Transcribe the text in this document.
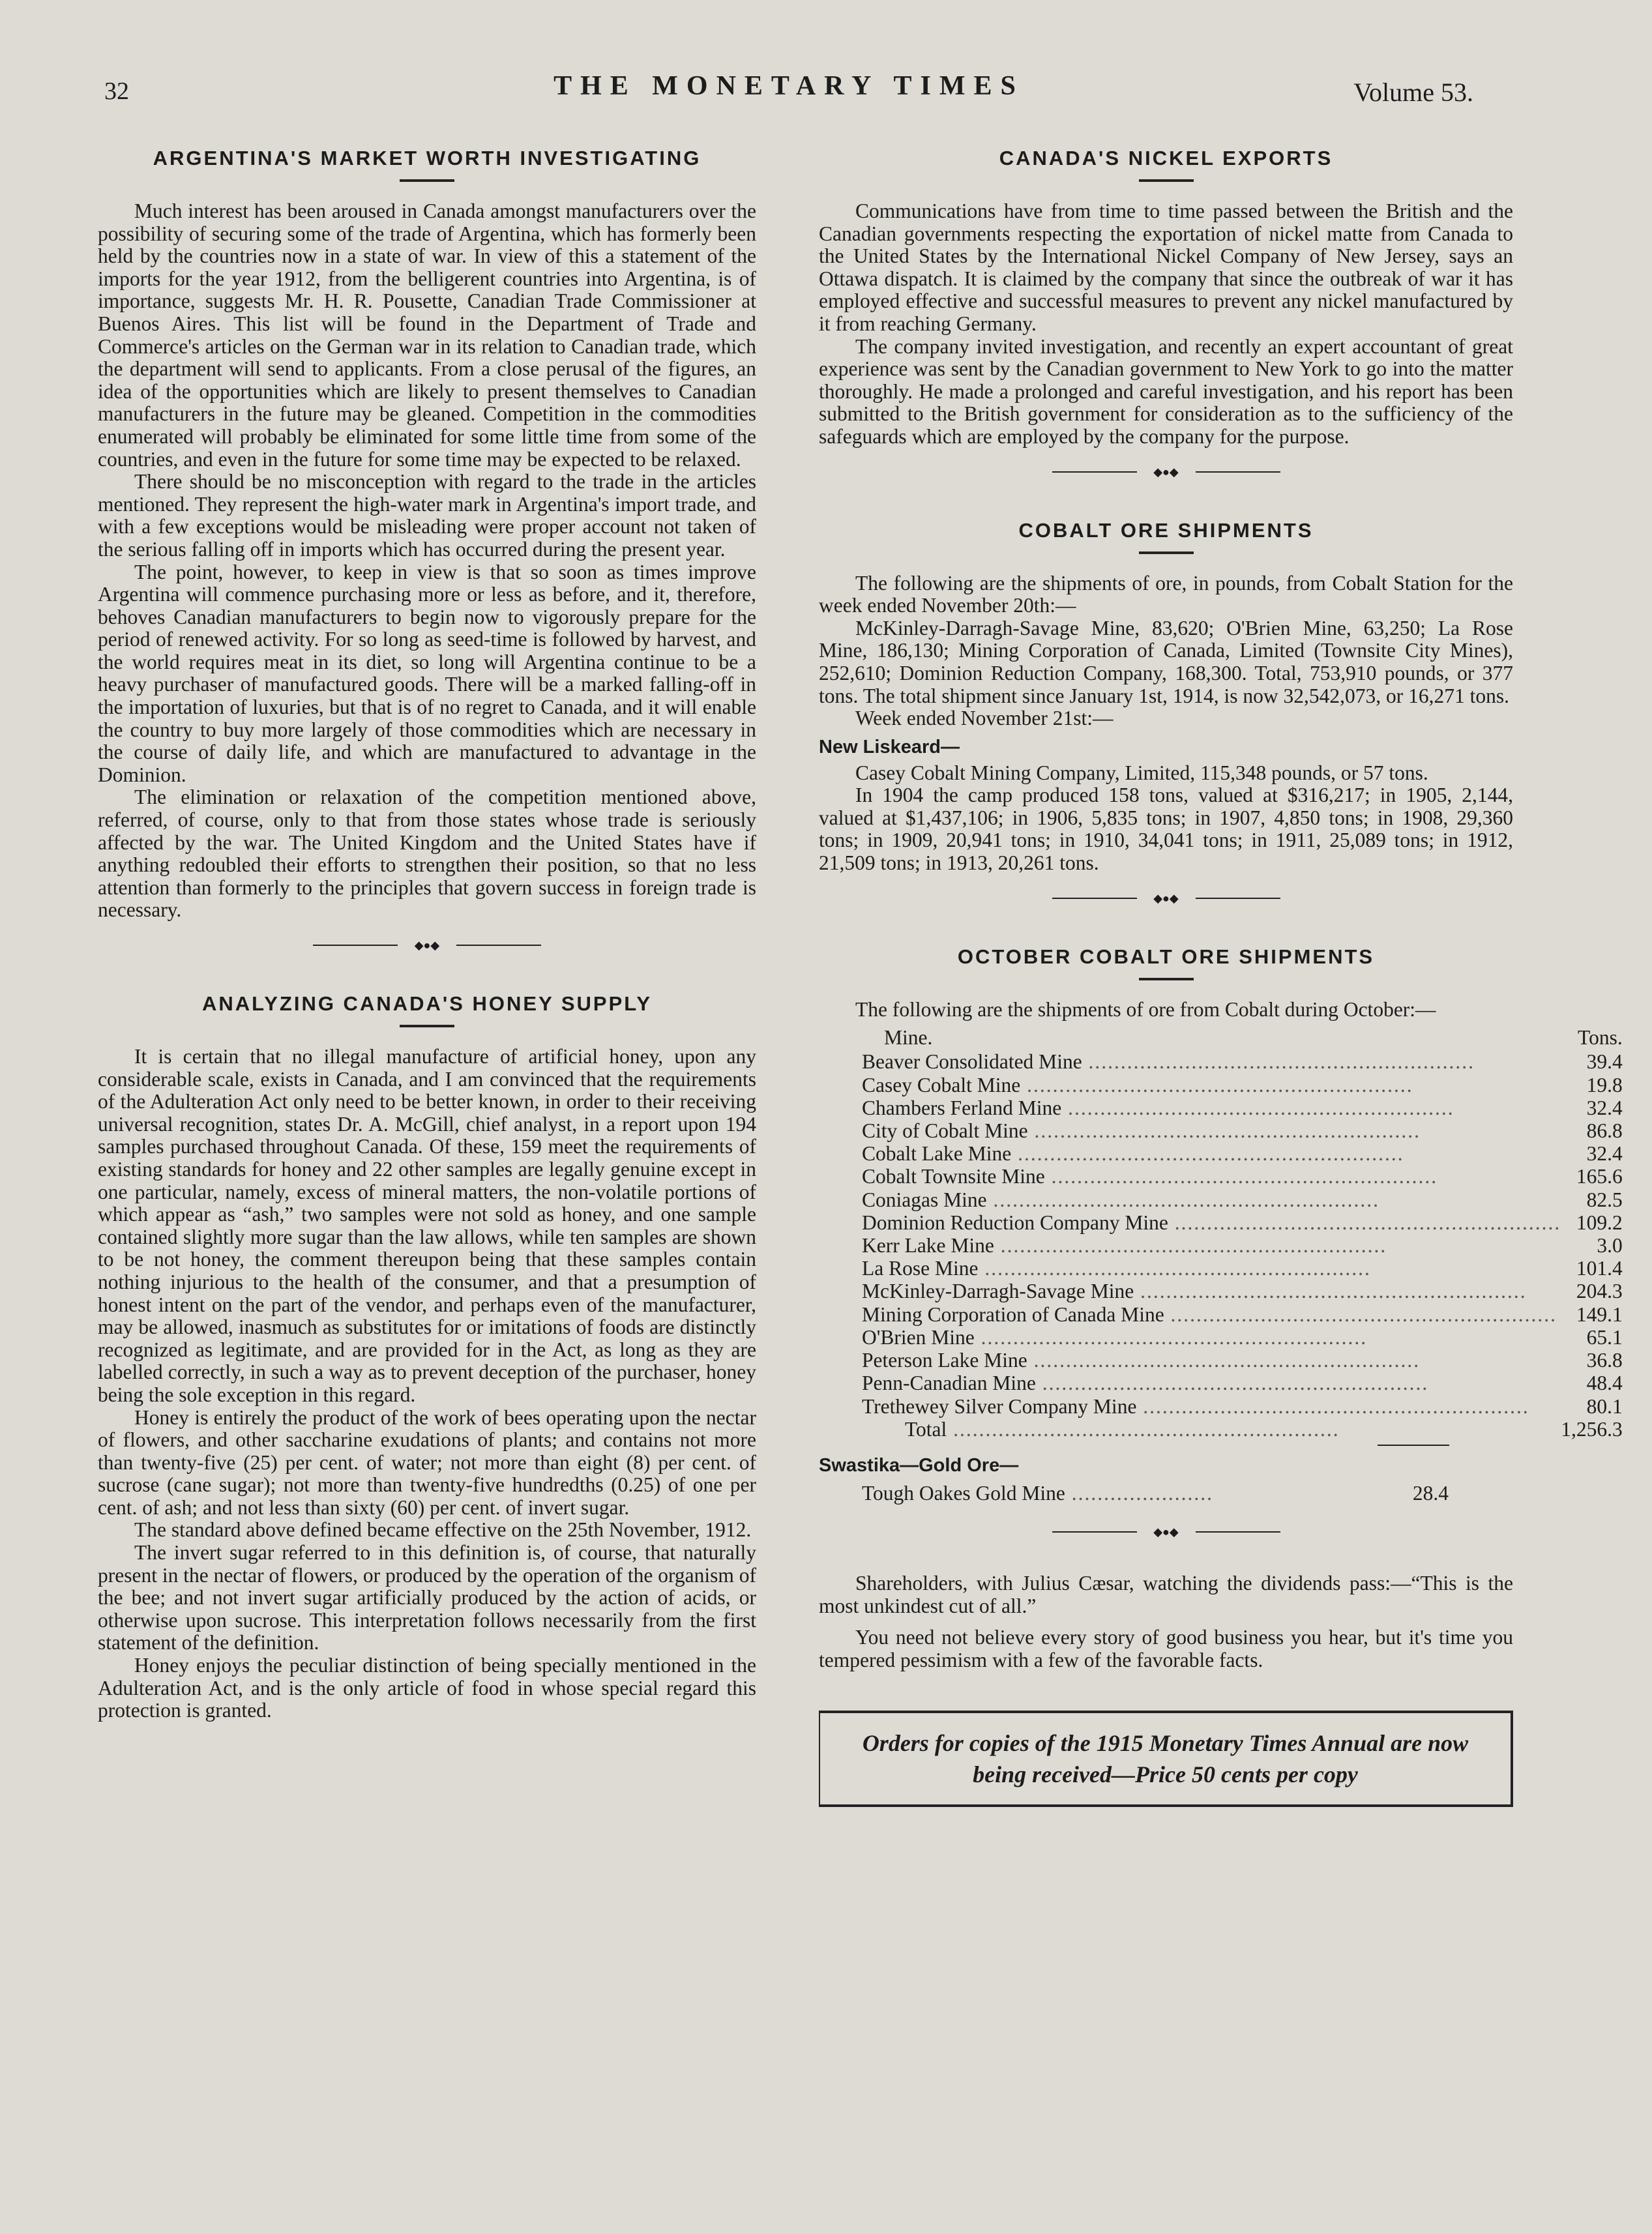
32	THE MONETARY TIMES	Volume 53.
ARGENTINA'S MARKET WORTH INVESTIGATING

Much interest has been aroused in Canada amongst manufacturers over the possibility of securing some of the trade of Argentina, which has formerly been held by the countries now in a state of war. In view of this a statement of the imports for the year 1912, from the belligerent countries into Argentina, is of importance, suggests Mr. H. R. Pousette, Canadian Trade Commissioner at Buenos Aires. This list will be found in the Department of Trade and Commerce's articles on the German war in its relation to Canadian trade, which the department will send to applicants. From a close perusal of the figures, an idea of the opportunities which are likely to present themselves to Canadian manufacturers in the future may be gleaned. Competition in the commodities enumerated will probably be eliminated for some little time from some of the countries, and even in the future for some time may be expected to be relaxed.

There should be no misconception with regard to the trade in the articles mentioned. They represent the high-water mark in Argentina's import trade, and with a few exceptions would be misleading were proper account not taken of the serious falling off in imports which has occurred during the present year.

The point, however, to keep in view is that so soon as times improve Argentina will commence purchasing more or less as before, and it, therefore, behoves Canadian manufacturers to begin now to vigorously prepare for the period of renewed activity. For so long as seed-time is followed by harvest, and the world requires meat in its diet, so long will Argentina continue to be a heavy purchaser of manufactured goods. There will be a marked falling-off in the importation of luxuries, but that is of no regret to Canada, and it will enable the country to buy more largely of those commodities which are necessary in the course of daily life, and which are manufactured to advantage in the Dominion.

The elimination or relaxation of the competition mentioned above, referred, of course, only to that from those states whose trade is seriously affected by the war. The United Kingdom and the United States have if anything redoubled their efforts to strengthen their position, so that no less attention than formerly to the principles that govern success in foreign trade is necessary.

◆●◆
ANALYZING CANADA'S HONEY SUPPLY

It is certain that no illegal manufacture of artificial honey, upon any considerable scale, exists in Canada, and I am convinced that the requirements of the Adulteration Act only need to be better known, in order to their receiving universal recognition, states Dr. A. McGill, chief analyst, in a report upon 194 samples purchased throughout Canada. Of these, 159 meet the requirements of existing standards for honey and 22 other samples are legally genuine except in one particular, namely, excess of mineral matters, the non-volatile portions of which appear as “ash,” two samples were not sold as honey, and one sample contained slightly more sugar than the law allows, while ten samples are shown to be not honey, the comment thereupon being that these samples contain nothing injurious to the health of the consumer, and that a presumption of honest intent on the part of the vendor, and perhaps even of the manufacturer, may be allowed, inasmuch as substitutes for or imitations of foods are distinctly recognized as legitimate, and are provided for in the Act, as long as they are labelled correctly, in such a way as to prevent deception of the purchaser, honey being the sole exception in this regard.

Honey is entirely the product of the work of bees operating upon the nectar of flowers, and other saccharine exudations of plants; and contains not more than twenty-five (25) per cent. of water; not more than eight (8) per cent. of sucrose (cane sugar); not more than twenty-five hundredths (0.25) of one per cent. of ash; and not less than sixty (60) per cent. of invert sugar.

The standard above defined became effective on the 25th November, 1912.

The invert sugar referred to in this definition is, of course, that naturally present in the nectar of flowers, or produced by the operation of the organism of the bee; and not invert sugar artificially produced by the action of acids, or otherwise upon sucrose. This interpretation follows necessarily from the first statement of the definition.

Honey enjoys the peculiar distinction of being specially mentioned in the Adulteration Act, and is the only article of food in whose special regard this protection is granted.

CANADA'S NICKEL EXPORTS

Communications have from time to time passed between the British and the Canadian governments respecting the exportation of nickel matte from Canada to the United States by the International Nickel Company of New Jersey, says an Ottawa dispatch. It is claimed by the company that since the outbreak of war it has employed effective and successful measures to prevent any nickel manufactured by it from reaching Germany.

The company invited investigation, and recently an expert accountant of great experience was sent by the Canadian government to New York to go into the matter thoroughly. He made a prolonged and careful investigation, and his report has been submitted to the British government for consideration as to the sufficiency of the safeguards which are employed by the company for the purpose.

◆●◆
COBALT ORE SHIPMENTS

The following are the shipments of ore, in pounds, from Cobalt Station for the week ended November 20th:—

McKinley-Darragh-Savage Mine, 83,620; O'Brien Mine, 63,250; La Rose Mine, 186,130; Mining Corporation of Canada, Limited (Townsite City Mines), 252,610; Dominion Reduction Company, 168,300. Total, 753,910 pounds, or 377 tons. The total shipment since January 1st, 1914, is now 32,542,073, or 16,271 tons.

Week ended November 21st:—

New Liskeard—

Casey Cobalt Mining Company, Limited, 115,348 pounds, or 57 tons.

In 1904 the camp produced 158 tons, valued at $316,217; in 1905, 2,144, valued at $1,437,106; in 1906, 5,835 tons; in 1907, 4,850 tons; in 1908, 29,360 tons; in 1909, 20,941 tons; in 1910, 34,041 tons; in 1911, 25,089 tons; in 1912, 21,509 tons; in 1913, 20,261 tons.

◆●◆
OCTOBER COBALT ORE SHIPMENTS

The following are the shipments of ore from Cobalt during October:—

Mine.	Tons.
Beaver Consolidated Mine ............................................................	39.4
Casey Cobalt Mine ............................................................	19.8
Chambers Ferland Mine ............................................................	32.4
City of Cobalt Mine ............................................................	86.8
Cobalt Lake Mine ............................................................	32.4
Cobalt Townsite Mine ............................................................	165.6
Coniagas Mine ............................................................	82.5
Dominion Reduction Company Mine ............................................................	109.2
Kerr Lake Mine ............................................................	3.0
La Rose Mine ............................................................	101.4
McKinley-Darragh-Savage Mine ............................................................	204.3
Mining Corporation of Canada Mine ............................................................	149.1
O'Brien Mine ............................................................	65.1
Peterson Lake Mine ............................................................	36.8
Penn-Canadian Mine ............................................................	48.4
Trethewey Silver Company Mine ............................................................	80.1
Total ............................................................	1,256.3
Swastika—Gold Ore—
Tough Oakes Gold Mine ......................	28.4
◆●◆

Shareholders, with Julius Cæsar, watching the dividends pass:—“This is the most unkindest cut of all.”

You need not believe every story of good business you hear, but it's time you tempered pessimism with a few of the favorable facts.

Orders for copies of the 1915 Monetary Times Annual are now being received—Price 50 cents per copy
